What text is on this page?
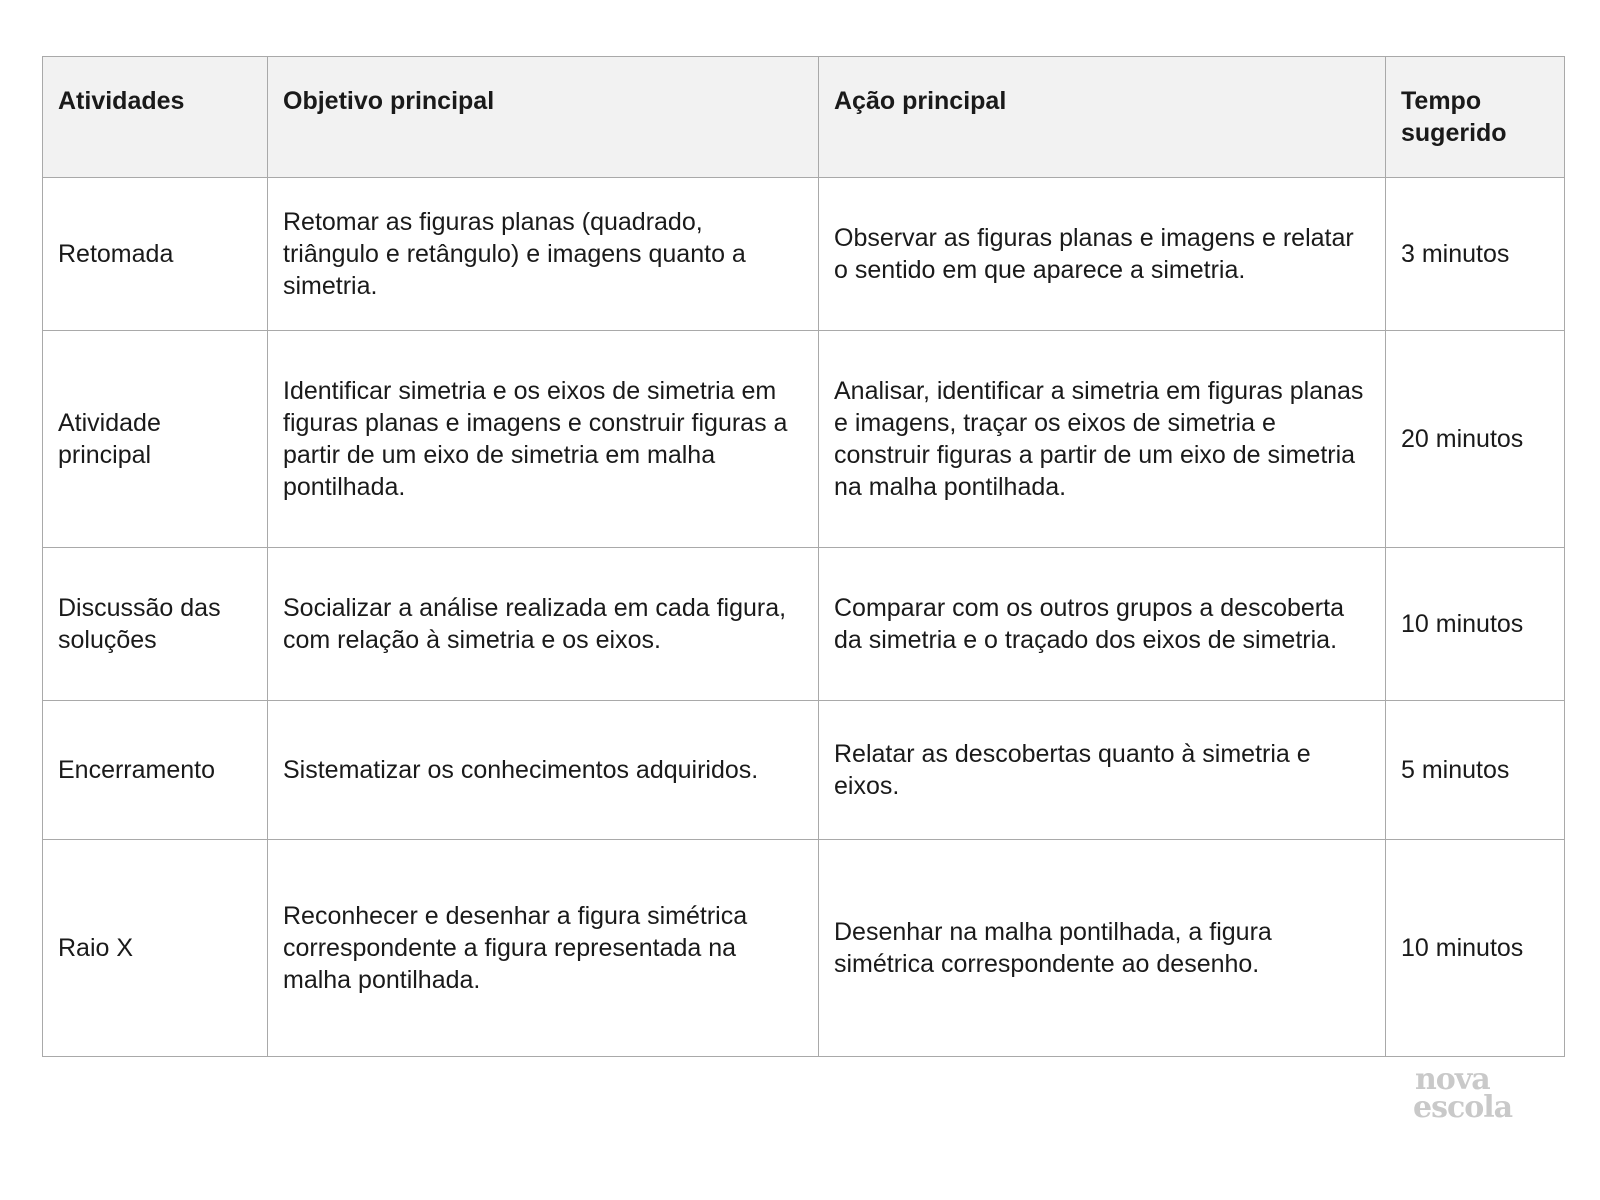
Atividades	Objetivo principal	Ação principal	Tempo sugerido
Retomada	Retomar as figuras planas (quadrado, triângulo e retângulo) e imagens quanto a simetria.	Observar as figuras planas e imagens e relatar o sentido em que aparece a simetria.	3 minutos
Atividade principal	Identificar simetria e os eixos de simetria em figuras planas e imagens e construir figuras a partir de um eixo de simetria em malha pontilhada.	Analisar, identificar a simetria em figuras planas e imagens, traçar os eixos de simetria e construir figuras a partir de um eixo de simetria na malha pontilhada.	20 minutos
Discussão das soluções	Socializar a análise realizada em cada figura, com relação à simetria e os eixos.	Comparar com os outros grupos a descoberta da simetria e o traçado dos eixos de simetria.	10 minutos
Encerramento	Sistematizar os conhecimentos adquiridos.	Relatar as descobertas quanto à simetria e eixos.	5 minutos
Raio X	Reconhecer e desenhar a figura simétrica correspondente a figura representada na malha pontilhada.	Desenhar na malha pontilhada, a figura simétrica correspondente ao desenho.	10 minutos
nova
escola
